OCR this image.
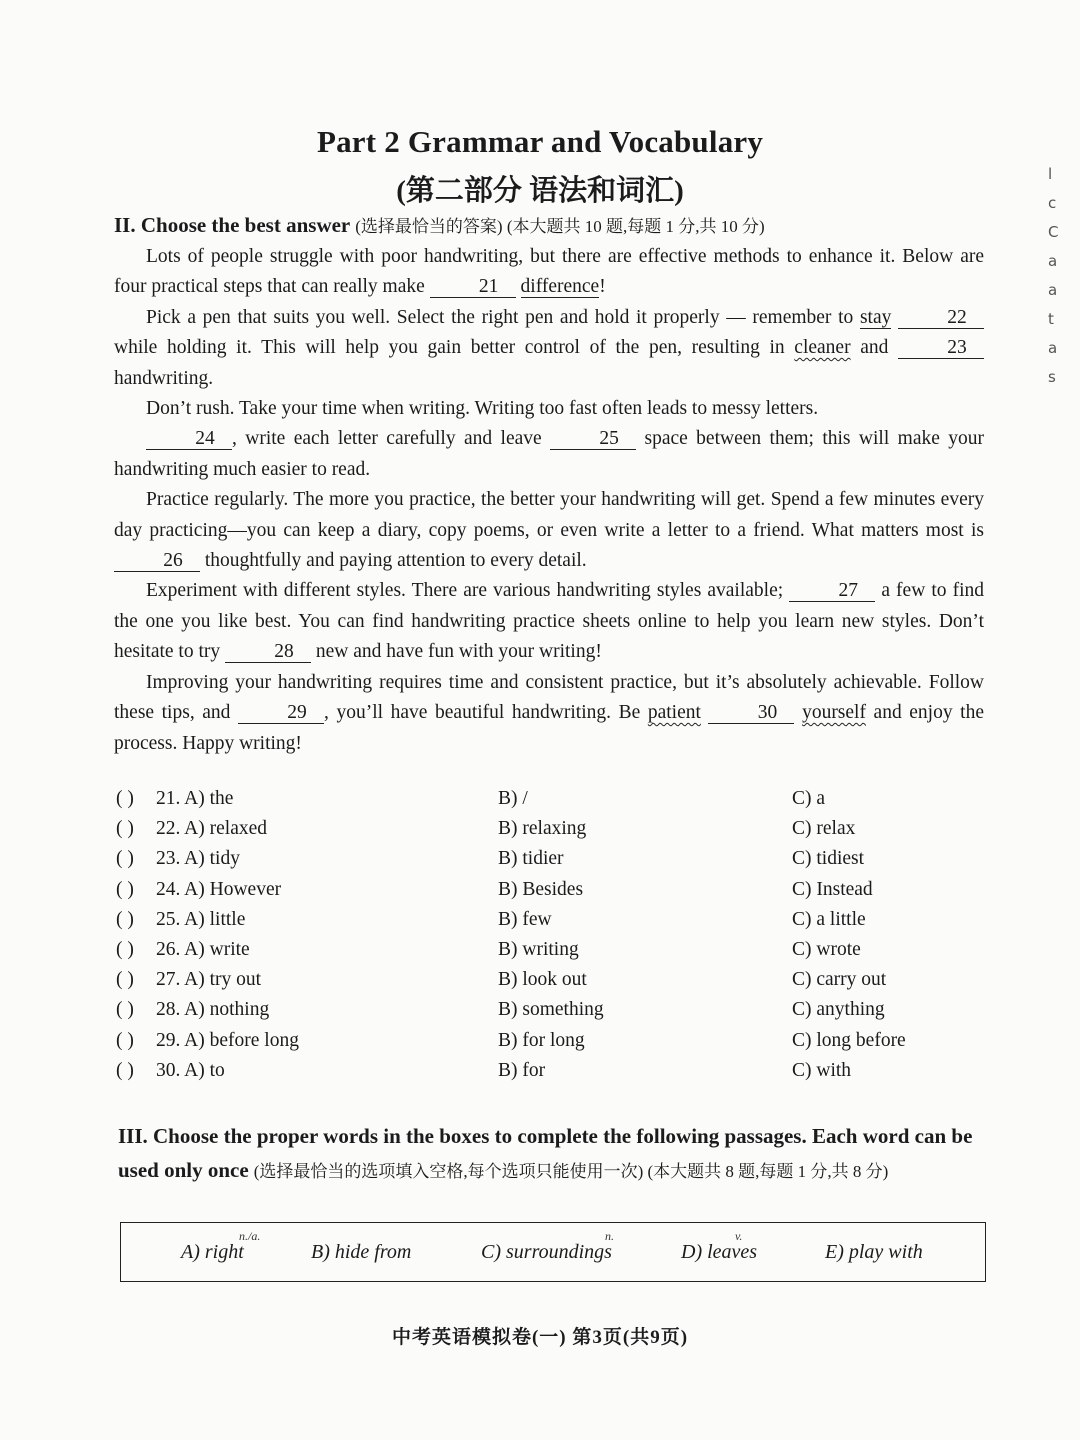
Part 2 Grammar and Vocabulary
(第二部分 语法和词汇)
II. Choose the best answer (选择最恰当的答案) (本大题共 10 题,每题 1 分,共 10 分)

Lots of people struggle with poor handwriting, but there are effective methods to enhance it. Below are four practical steps that can really make	21 difference!

Pick a pen that suits you well. Select the right pen and hold it properly — remember to stay	22 while holding it. This will help you gain better control of the pen, resulting in cleaner and	23 handwriting.

Don’t rush. Take your time when writing. Writing too fast often leads to messy letters.

24 , write each letter carefully and leave	25 space between them; this will make your handwriting much easier to read.

Practice regularly. The more you practice, the better your handwriting will get. Spend a few minutes every day practicing—you can keep a diary, copy poems, or even write a letter to a friend. What matters most is 26 thoughtfully and paying attention to every detail.

Experiment with different styles. There are various handwriting styles available;	27 a few to find the one you like best. You can find handwriting practice sheets online to help you learn new styles. Don’t hesitate to try	28 new and have fun with your writing!

Improving your handwriting requires time and consistent practice, but it’s absolutely achievable. Follow these tips, and	29 , you’ll have beautiful handwriting. Be patient	30 yourself and enjoy the process. Happy writing!

( ) 21. A) the	B) /	C) a
( ) 22. A) relaxed	B) relaxing	C) relax
( ) 23. A) tidy	B) tidier	C) tidiest
( ) 24. A) However	B) Besides	C) Instead
( ) 25. A) little	B) few	C) a little
( ) 26. A) write	B) writing	C) wrote
( ) 27. A) try out	B) look out	C) carry out
( ) 28. A) nothing	B) something	C) anything
( ) 29. A) before long	B) for long	C) long before
( ) 30. A) to	B) for	C) with
III. Choose the proper words in the boxes to complete the following passages. Each word can be used only once (选择最恰当的选项填入空格,每个选项只能使用一次) (本大题共 8 题,每题 1 分,共 8 分)
n./a.
A) right	B) hide from
n.
C) surroundings
v.
D) leaves	E) play with
中考英语模拟卷(一) 第3页(共9页)
l
c
C
a
a
t
a
s
